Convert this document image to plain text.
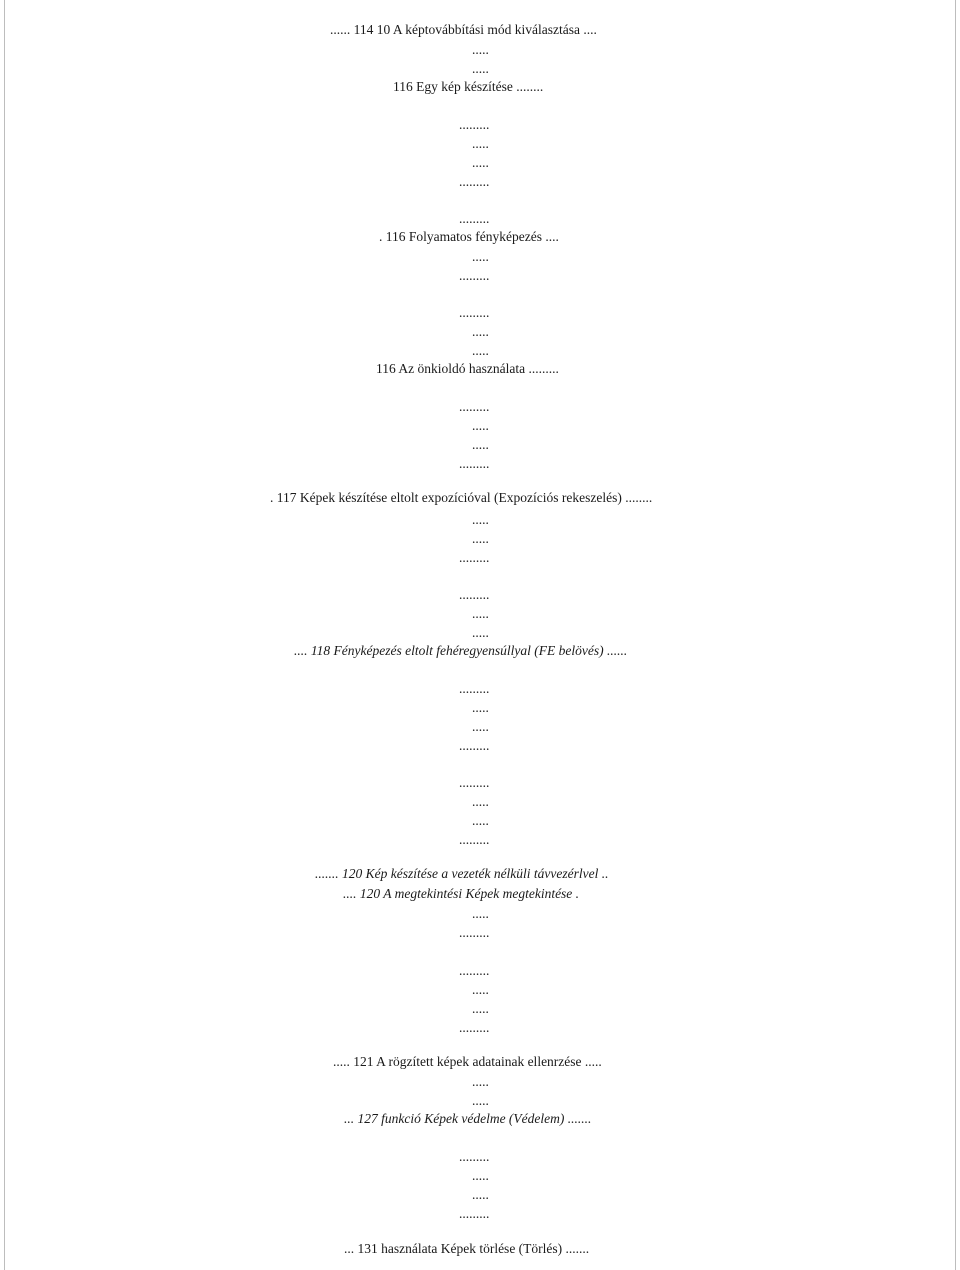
...... 114 10 A képtovábbítási mód kiválasztása ....
.....
.....
116 Egy kép készítése ........
.........
.....
.....
.........
.........
. 116 Folyamatos fényképezés ....
.....
.........
.........
.....
.....
116 Az önkioldó használata .........
.........
.....
.....
.........
. 117 Képek készítése eltolt expozícióval (Expozíciós rekeszelés) ........
.....
.....
.........
.........
.....
.....
.... 118 Fényképezés eltolt fehéregyensúllyal (FE belövés) ......
.........
.....
.....
.........
.........
.....
.....
.........
....... 120 Kép készítése a vezeték nélküli távvezérlvel ..
.... 120 A megtekintési Képek megtekintése .
.....
.........
.........
.....
.....
.........
..... 121 A rögzített képek adatainak ellenrzése .....
.....
.....
... 127 funkció Képek védelme (Védelem) .......
.........
.....
.....
.........
... 131 használata Képek törlése (Törlés) .......
